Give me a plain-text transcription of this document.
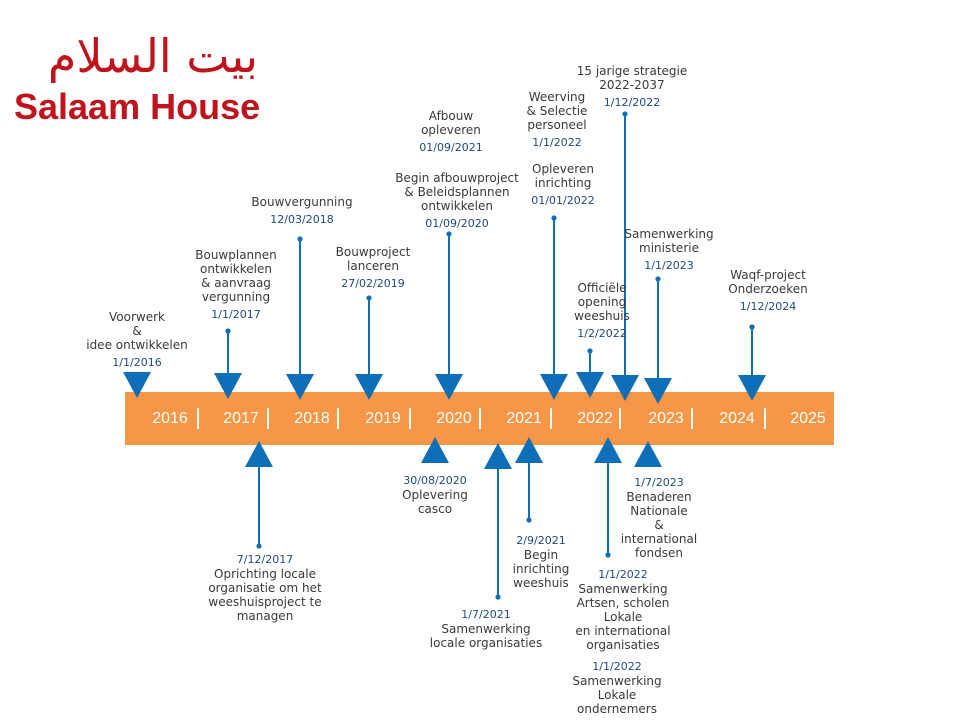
بيت السلام
Salaam House
2016	2017	2018	2019	2020	2021	2022	2023	2024	2025
Voorwerk
&
idee ontwikkelen
1/1/2016
Bouwplannen
ontwikkelen
& aanvraag
vergunning
1/1/2017
Bouwvergunning
12/03/2018
Bouwproject
lanceren
27/02/2019
Begin afbouwproject
& Beleidsplannen
ontwikkelen
01/09/2020
Afbouw
opleveren
01/09/2021
Opleveren
inrichting
01/01/2022
Weerving
& Selectie
personeel
1/1/2022
Officiële
opening
weeshuis
1/2/2022
15 jarige strategie
2022-2037
1/12/2022
Samenwerking
ministerie
1/1/2023
Waqf-project
Onderzoeken
1/12/2024
7/12/2017
Oprichting locale
organisatie om het
weeshuisproject te
managen
30/08/2020
Oplevering
casco
1/7/2021
Samenwerking
locale organisaties
2/9/2021
Begin
inrichting
weeshuis
1/1/2022
Samenwerking
Artsen, scholen
Lokale
en international
organisaties
1/1/2022
Samenwerking
Lokale
ondernemers
1/7/2023
Benaderen
Nationale
&
international
fondsen
